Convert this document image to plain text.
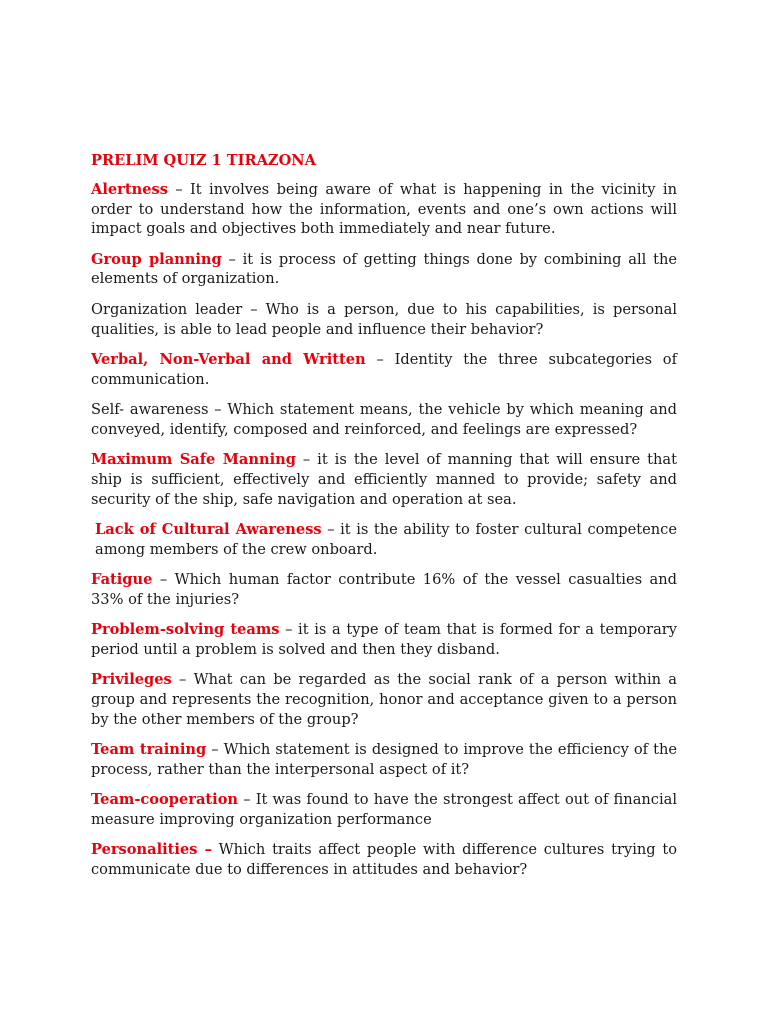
PRELIM QUIZ 1 TIRAZONA

Alertness – It involves being aware of what is happening in the vicinity in order to understand how the information, events and one’s own actions will impact goals and objectives both immediately and near future.

Group planning – it is process of getting things done by combining all the elements of organization.

Organization leader – Who is a person, due to his capabilities, is personal qualities, is able to lead people and influence their behavior?

Verbal, Non-Verbal and Written – Identity the three subcategories of communication.

Self- awareness – Which statement means, the vehicle by which meaning and conveyed, identify, composed and reinforced, and feelings are expressed?

Maximum Safe Manning – it is the level of manning that will ensure that ship is sufficient, effectively and efficiently manned to provide; safety and security of the ship, safe navigation and operation at sea.

Lack of Cultural Awareness – it is the ability to foster cultural competence among members of the crew onboard.

Fatigue – Which human factor contribute 16% of the vessel casualties and 33% of the injuries?

Problem-solving teams – it is a type of team that is formed for a temporary period until a problem is solved and then they disband.

Privileges – What can be regarded as the social rank of a person within a group and represents the recognition, honor and acceptance given to a person by the other members of the group?

Team training – Which statement is designed to improve the efficiency of the process, rather than the interpersonal aspect of it?

Team-cooperation – It was found to have the strongest affect out of financial measure improving organization performance

Personalities – Which traits affect people with difference cultures trying to communicate due to differences in attitudes and behavior?
